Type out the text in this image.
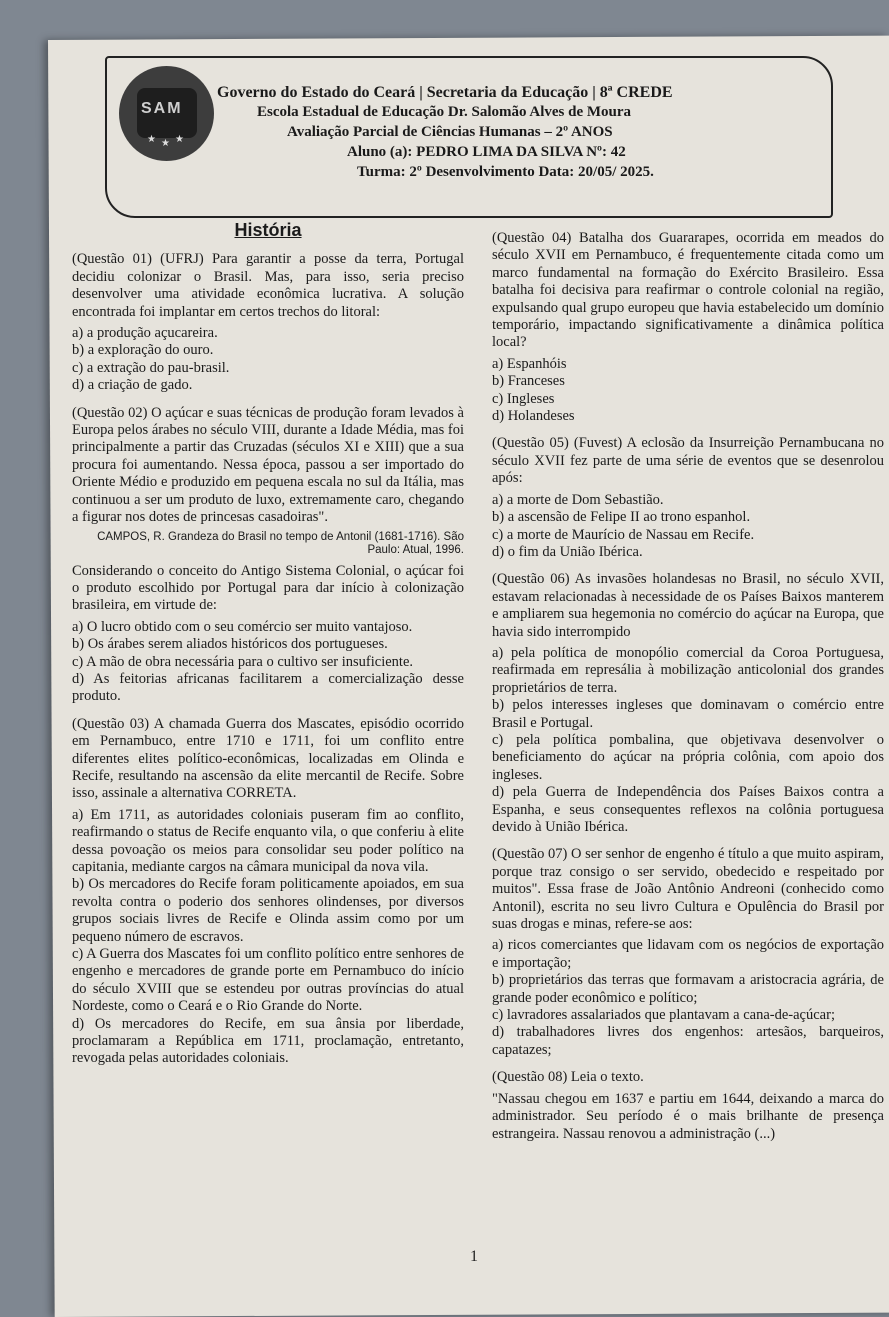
SAM
★ ★ ★
Governo do Estado do Ceará | Secretaria da Educação | 8ª CREDE
Escola Estadual de Educação Dr. Salomão Alves de Moura
Avaliação Parcial de Ciências Humanas – 2º ANOS
Aluno (a): PEDRO LIMA DA SILVA Nº: 42
Turma: 2º Desenvolvimento Data: 20/05/ 2025.
História

(Questão 01) (UFRJ) Para garantir a posse da terra, Portugal decidiu colonizar o Brasil. Mas, para isso, seria preciso desenvolver uma atividade econômica lucrativa. A solução encontrada foi implantar em certos trechos do litoral:

a) a produção açucareira.

b) a exploração do ouro.

c) a extração do pau-brasil.

d) a criação de gado.

(Questão 02) O açúcar e suas técnicas de produção foram levados à Europa pelos árabes no século VIII, durante a Idade Média, mas foi principalmente a partir das Cruzadas (séculos XI e XIII) que a sua procura foi aumentando. Nessa época, passou a ser importado do Oriente Médio e produzido em pequena escala no sul da Itália, mas continuou a ser um produto de luxo, extremamente caro, chegando a figurar nos dotes de princesas casadoiras".

CAMPOS, R. Grandeza do Brasil no tempo de Antonil (1681-1716). São Paulo: Atual, 1996.

Considerando o conceito do Antigo Sistema Colonial, o açúcar foi o produto escolhido por Portugal para dar início à colonização brasileira, em virtude de:

a) O lucro obtido com o seu comércio ser muito vantajoso.

b) Os árabes serem aliados históricos dos portugueses.

c) A mão de obra necessária para o cultivo ser insuficiente.

d) As feitorias africanas facilitarem a comercialização desse produto.

(Questão 03) A chamada Guerra dos Mascates, episódio ocorrido em Pernambuco, entre 1710 e 1711, foi um conflito entre diferentes elites político-econômicas, localizadas em Olinda e Recife, resultando na ascensão da elite mercantil de Recife. Sobre isso, assinale a alternativa CORRETA.

a) Em 1711, as autoridades coloniais puseram fim ao conflito, reafirmando o status de Recife enquanto vila, o que conferiu à elite dessa povoação os meios para consolidar seu poder político na capitania, mediante cargos na câmara municipal da nova vila.

b) Os mercadores do Recife foram politicamente apoiados, em sua revolta contra o poderio dos senhores olindenses, por diversos grupos sociais livres de Recife e Olinda assim como por um pequeno número de escravos.

c) A Guerra dos Mascates foi um conflito político entre senhores de engenho e mercadores de grande porte em Pernambuco do início do século XVIII que se estendeu por outras províncias do atual Nordeste, como o Ceará e o Rio Grande do Norte.

d) Os mercadores do Recife, em sua ânsia por liberdade, proclamaram a República em 1711, proclamação, entretanto, revogada pelas autoridades coloniais.

(Questão 04) Batalha dos Guararapes, ocorrida em meados do século XVII em Pernambuco, é frequentemente citada como um marco fundamental na formação do Exército Brasileiro. Essa batalha foi decisiva para reafirmar o controle colonial na região, expulsando qual grupo europeu que havia estabelecido um domínio temporário, impactando significativamente a dinâmica política local?

a) Espanhóis

b) Franceses

c) Ingleses

d) Holandeses

(Questão 05) (Fuvest) A eclosão da Insurreição Pernambucana no século XVII fez parte de uma série de eventos que se desenrolou após:

a) a morte de Dom Sebastião.

b) a ascensão de Felipe II ao trono espanhol.

c) a morte de Maurício de Nassau em Recife.

d) o fim da União Ibérica.

(Questão 06) As invasões holandesas no Brasil, no século XVII, estavam relacionadas à necessidade de os Países Baixos manterem e ampliarem sua hegemonia no comércio do açúcar na Europa, que havia sido interrompido

a) pela política de monopólio comercial da Coroa Portuguesa, reafirmada em represália à mobilização anticolonial dos grandes proprietários de terra.

b) pelos interesses ingleses que dominavam o comércio entre Brasil e Portugal.

c) pela política pombalina, que objetivava desenvolver o beneficiamento do açúcar na própria colônia, com apoio dos ingleses.

d) pela Guerra de Independência dos Países Baixos contra a Espanha, e seus consequentes reflexos na colônia portuguesa devido à União Ibérica.

(Questão 07) O ser senhor de engenho é título a que muito aspiram, porque traz consigo o ser servido, obedecido e respeitado por muitos". Essa frase de João Antônio Andreoni (conhecido como Antonil), escrita no seu livro Cultura e Opulência do Brasil por suas drogas e minas, refere-se aos:

a) ricos comerciantes que lidavam com os negócios de exportação e importação;

b) proprietários das terras que formavam a aristocracia agrária, de grande poder econômico e político;

c) lavradores assalariados que plantavam a cana-de-açúcar;

d) trabalhadores livres dos engenhos: artesãos, barqueiros, capatazes;

(Questão 08) Leia o texto.

"Nassau chegou em 1637 e partiu em 1644, deixando a marca do administrador. Seu período é o mais brilhante de presença estrangeira. Nassau renovou a administração (...)

1
